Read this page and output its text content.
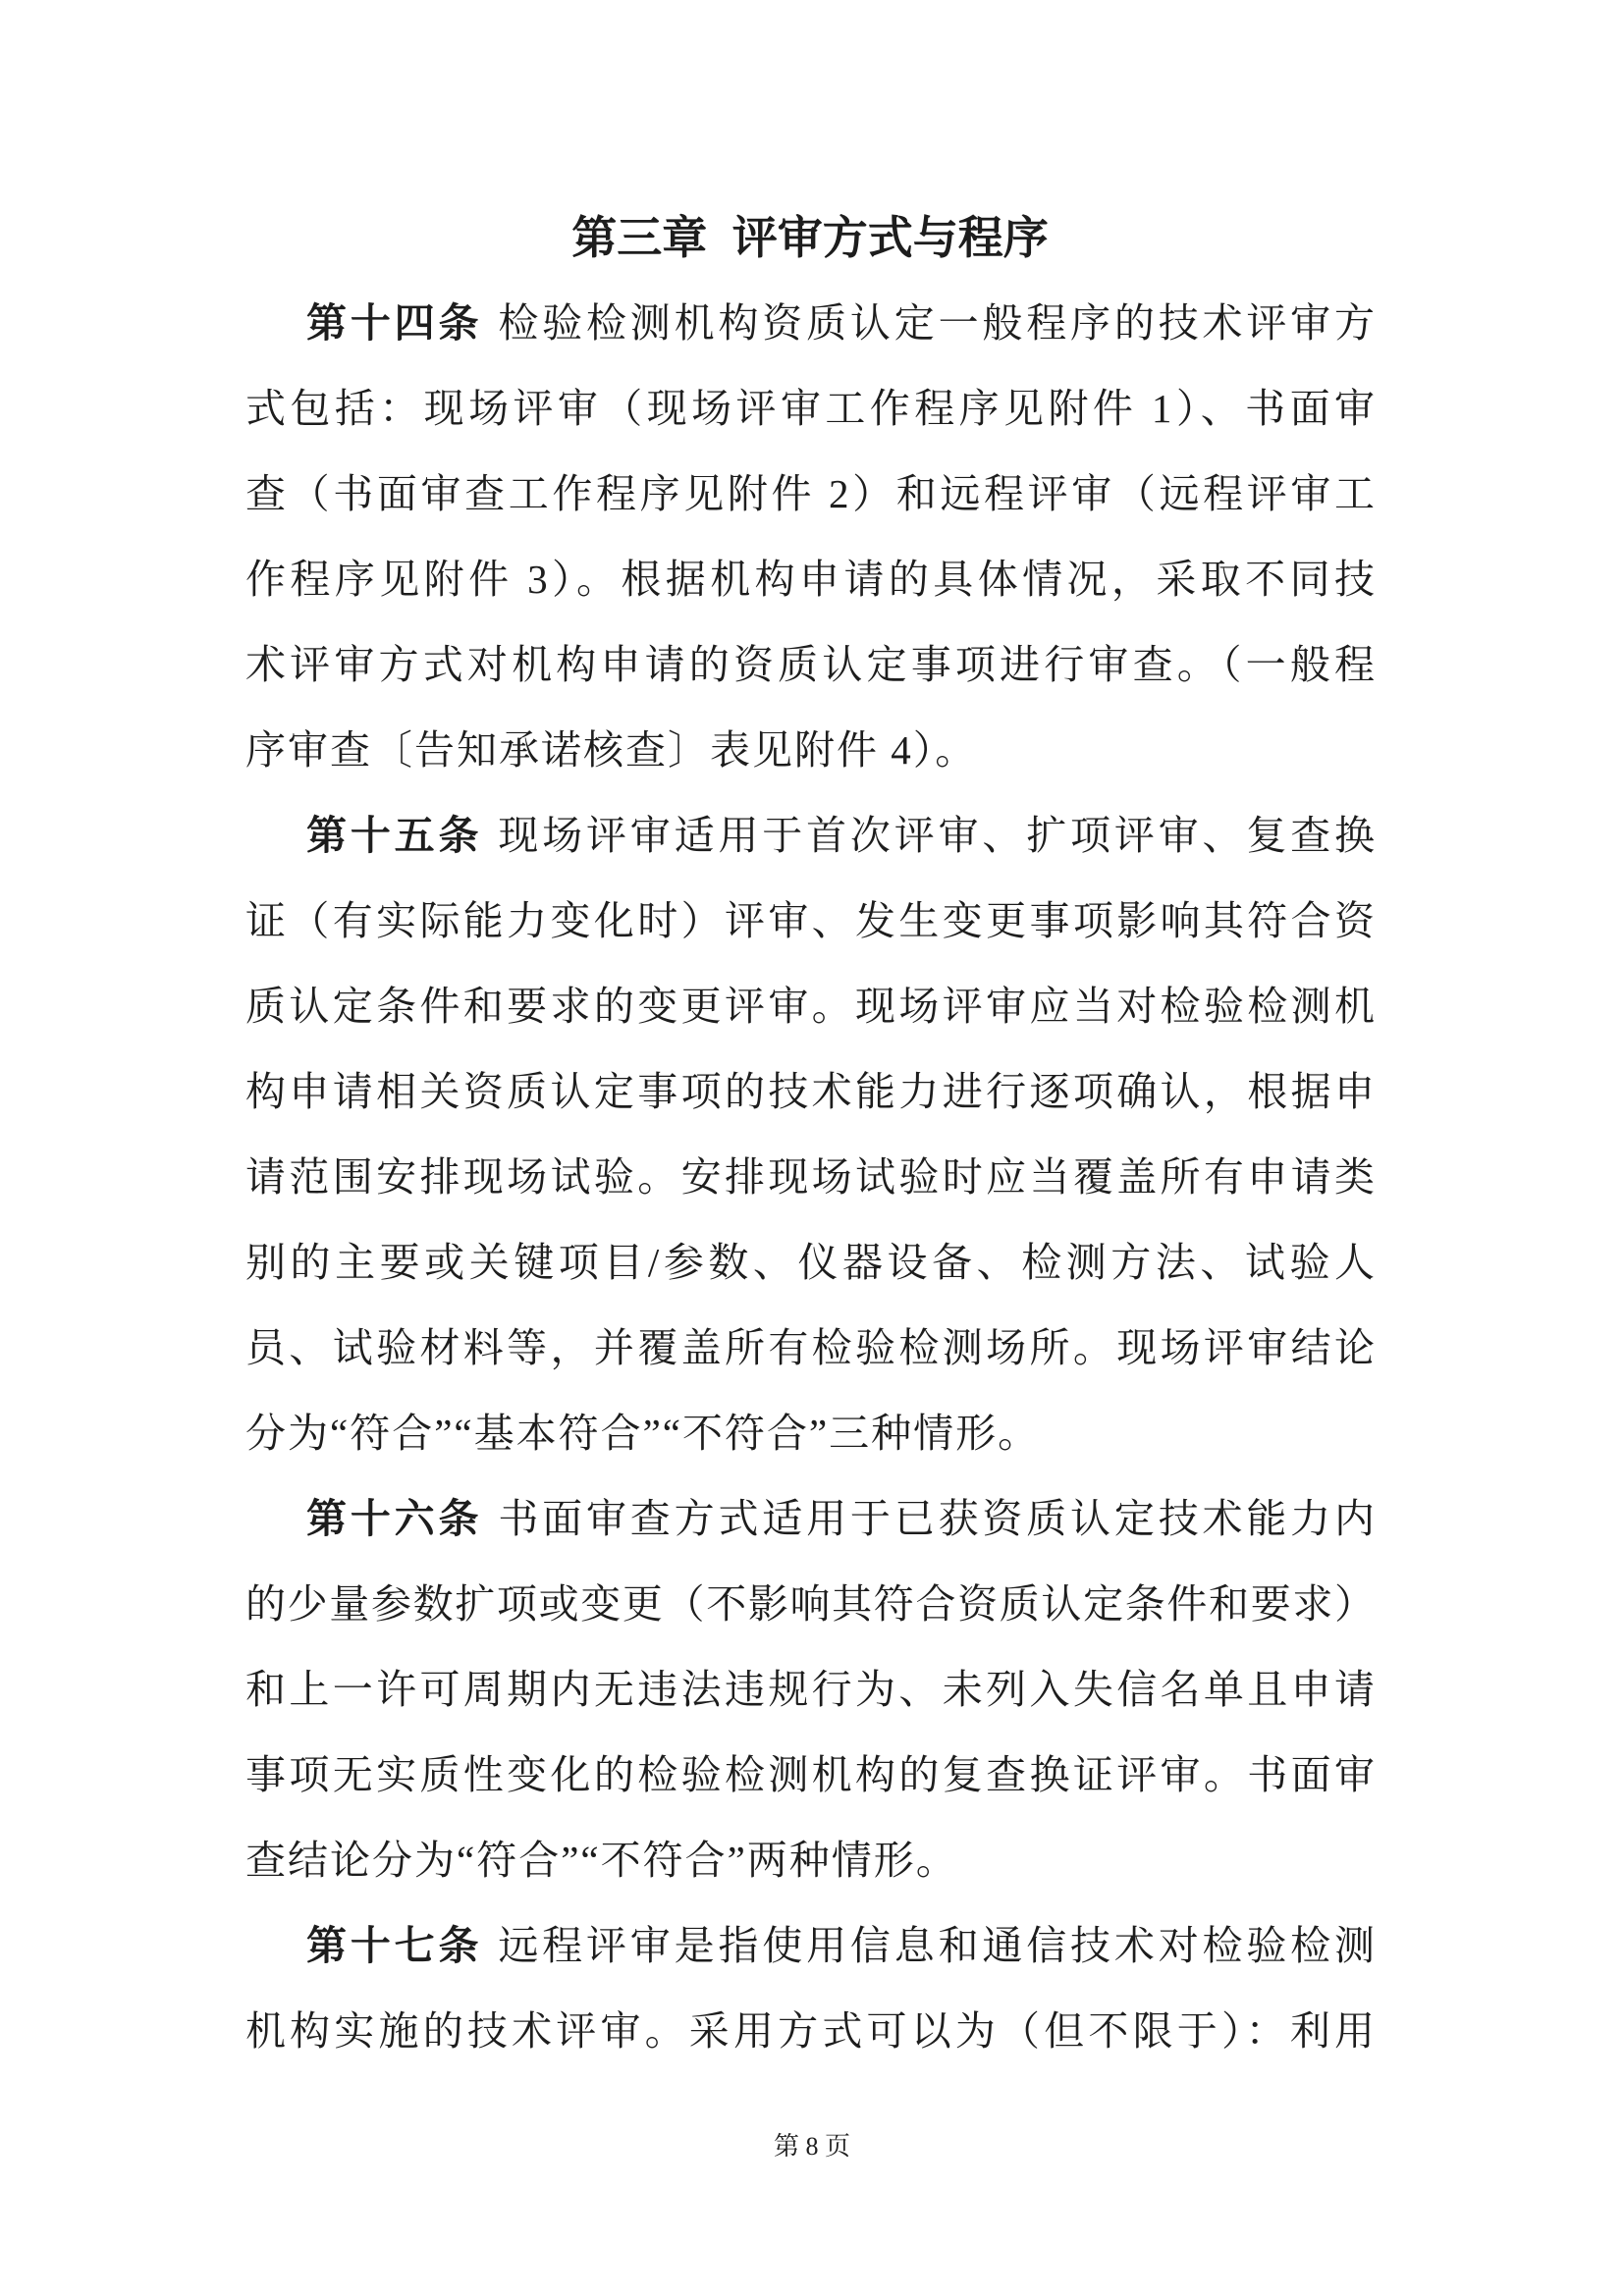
第三章 评审方式与程序
第十四条 检验检测机构资质认定一般程序的技术评审方
式包括：现场评审（现场评审工作程序见附件 1）、书面审
查（书面审查工作程序见附件 2）和远程评审（远程评审工
作程序见附件 3）。根据机构申请的具体情况，采取不同技
术评审方式对机构申请的资质认定事项进行审查。（一般程
序审查〔告知承诺核查〕表见附件 4）。
第十五条 现场评审适用于首次评审、扩项评审、复查换
证（有实际能力变化时）评审、发生变更事项影响其符合资
质认定条件和要求的变更评审。现场评审应当对检验检测机
构申请相关资质认定事项的技术能力进行逐项确认，根据申
请范围安排现场试验。安排现场试验时应当覆盖所有申请类
别的主要或关键项目/参数、仪器设备、检测方法、试验人
员、试验材料等，并覆盖所有检验检测场所。现场评审结论
分为“符合”“基本符合”“不符合”三种情形。
第十六条 书面审查方式适用于已获资质认定技术能力内
的少量参数扩项或变更（不影响其符合资质认定条件和要求）
和上一许可周期内无违法违规行为、未列入失信名单且申请
事项无实质性变化的检验检测机构的复查换证评审。书面审
查结论分为“符合”“不符合”两种情形。
第十七条 远程评审是指使用信息和通信技术对检验检测
机构实施的技术评审。采用方式可以为（但不限于）：利用
第 8 页
